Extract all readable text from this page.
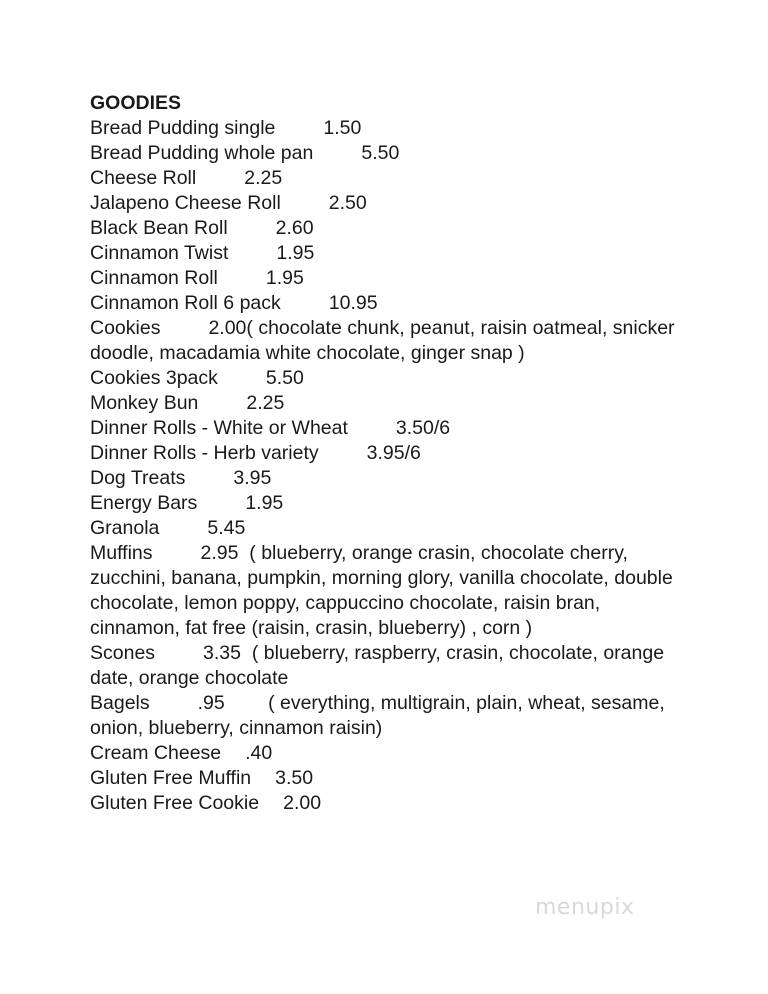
GOODIES
Bread Pudding single 1.50
Bread Pudding whole pan 5.50
Cheese Roll 2.25
Jalapeno Cheese Roll 2.50
Black Bean Roll 2.60
Cinnamon Twist 1.95
Cinnamon Roll 1.95
Cinnamon Roll 6 pack 10.95
Cookies 2.00( chocolate chunk, peanut, raisin oatmeal, snicker doodle, macadamia white chocolate, ginger snap )
Cookies 3pack 5.50
Monkey Bun 2.25
Dinner Rolls - White or Wheat 3.50/6
Dinner Rolls - Herb variety 3.95/6
Dog Treats 3.95
Energy Bars 1.95
Granola 5.45
Muffins 2.95  ( blueberry, orange crasin, chocolate cherry, zucchini, banana, pumpkin, morning glory, vanilla chocolate, double chocolate, lemon poppy, cappuccino chocolate, raisin bran, cinnamon, fat free (raisin, crasin, blueberry) , corn )
Scones 3.35  ( blueberry, raspberry, crasin, chocolate, orange date, orange chocolate
Bagels .95        ( everything, multigrain, plain, wheat, sesame, onion, blueberry, cinnamon raisin)
Cream Cheese .40
Gluten Free Muffin 3.50
Gluten Free Cookie 2.00
menupix
